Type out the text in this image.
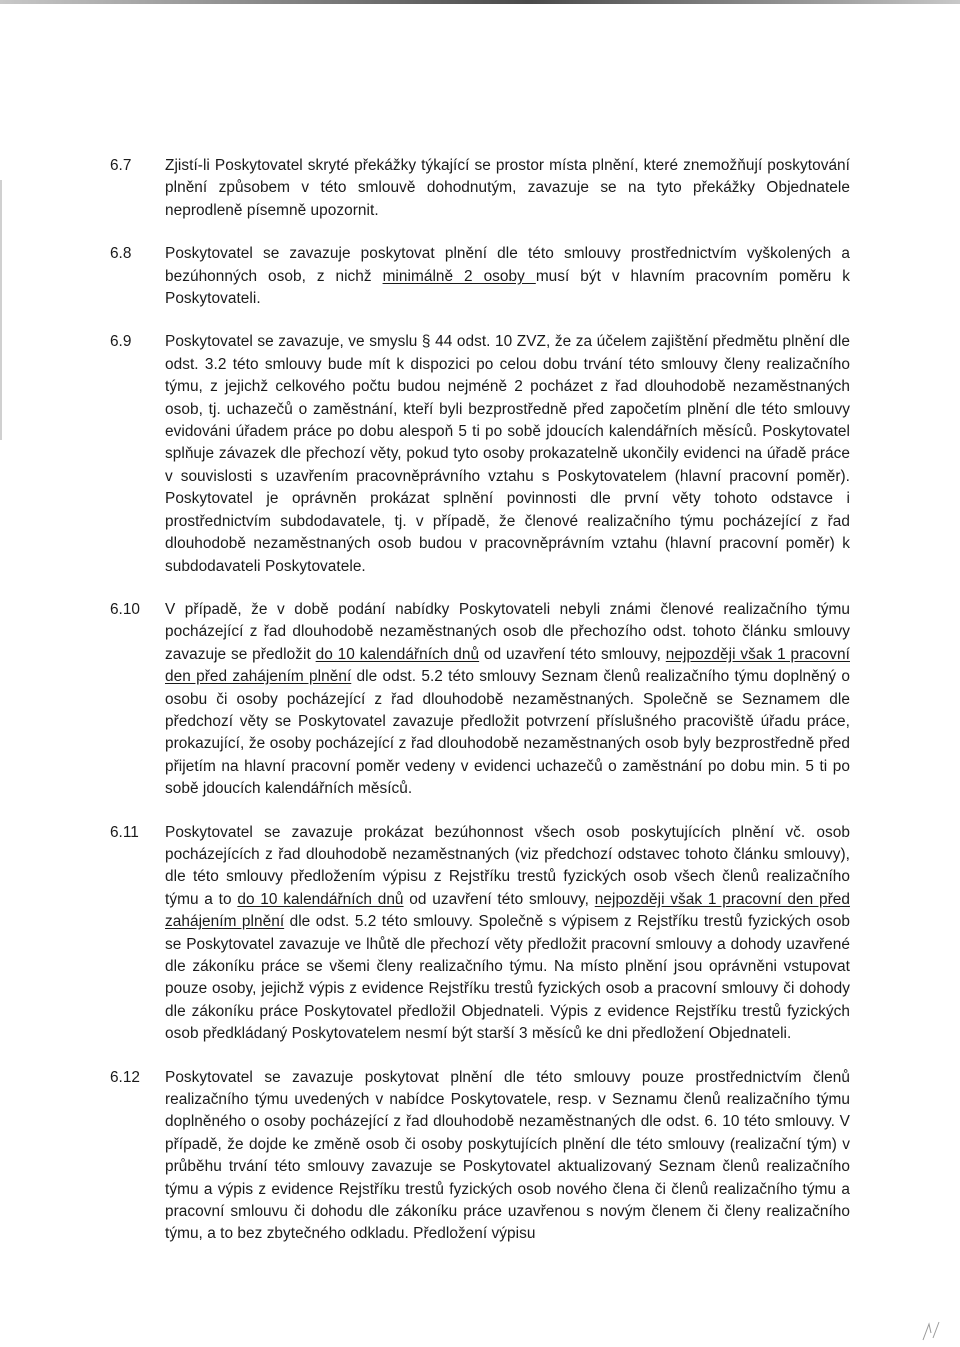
6.7 Zjistí-li Poskytovatel skryté překážky týkající se prostor místa plnění, které znemožňují poskytování plnění způsobem v této smlouvě dohodnutým, zavazuje se na tyto překážky Objednatele neprodleně písemně upozornit.
6.8 Poskytovatel se zavazuje poskytovat plnění dle této smlouvy prostřednictvím vyškolených a bezúhonných osob, z nichž minimálně 2 osoby musí být v hlavním pracovním poměru k Poskytovateli.
6.9 Poskytovatel se zavazuje, ve smyslu § 44 odst. 10 ZVZ, že za účelem zajištění předmětu plnění dle odst. 3.2 této smlouvy bude mít k dispozici po celou dobu trvání této smlouvy členy realizačního týmu, z jejichž celkového počtu budou nejméně 2 pocházet z řad dlouhodobě nezaměstnaných osob, tj. uchazečů o zaměstnání, kteří byli bezprostředně před započetím plnění dle této smlouvy evidováni úřadem práce po dobu alespoň 5 ti po sobě jdoucích kalendářních měsíců. Poskytovatel splňuje závazek dle přechozí věty, pokud tyto osoby prokazatelně ukončily evidenci na úřadě práce v souvislosti s uzavřením pracovněprávního vztahu s Poskytovatelem (hlavní pracovní poměr). Poskytovatel je oprávněn prokázat splnění povinnosti dle první věty tohoto odstavce i prostřednictvím subdodavatele, tj. v případě, že členové realizačního týmu pocházející z řad dlouhodobě nezaměstnaných osob budou v pracovněprávním vztahu (hlavní pracovní poměr) k subdodavateli Poskytovatele.
6.10 V případě, že v době podání nabídky Poskytovateli nebyli známi členové realizačního týmu pocházející z řad dlouhodobě nezaměstnaných osob dle přechozího odst. tohoto článku smlouvy zavazuje se předložit do 10 kalendářních dnů od uzavření této smlouvy, nejpozději však 1 pracovní den před zahájením plnění dle odst. 5.2 této smlouvy Seznam členů realizačního týmu doplněný o osobu či osoby pocházející z řad dlouhodobě nezaměstnaných. Společně se Seznamem dle předchozí věty se Poskytovatel zavazuje předložit potvrzení příslušného pracoviště úřadu práce, prokazující, že osoby pocházející z řad dlouhodobě nezaměstnaných osob byly bezprostředně před přijetím na hlavní pracovní poměr vedeny v evidenci uchazečů o zaměstnání po dobu min. 5 ti po sobě jdoucích kalendářních měsíců.
6.11 Poskytovatel se zavazuje prokázat bezúhonnost všech osob poskytujících plnění vč. osob pocházejících z řad dlouhodobě nezaměstnaných (viz předchozí odstavec tohoto článku smlouvy), dle této smlouvy předložením výpisu z Rejstříku trestů fyzických osob všech členů realizačního týmu a to do 10 kalendářních dnů od uzavření této smlouvy, nejpozději však 1 pracovní den před zahájením plnění dle odst. 5.2 této smlouvy. Společně s výpisem z Rejstříku trestů fyzických osob se Poskytovatel zavazuje ve lhůtě dle přechozí věty předložit pracovní smlouvy a dohody uzavřené dle zákoníku práce se všemi členy realizačního týmu. Na místo plnění jsou oprávněni vstupovat pouze osoby, jejichž výpis z evidence Rejstříku trestů fyzických osob a pracovní smlouvy či dohody dle zákoníku práce Poskytovatel předložil Objednateli. Výpis z evidence Rejstříku trestů fyzických osob předkládaný Poskytovatelem nesmí být starší 3 měsíců ke dni předložení Objednateli.
6.12 Poskytovatel se zavazuje poskytovat plnění dle této smlouvy pouze prostřednictvím členů realizačního týmu uvedených v nabídce Poskytovatele, resp. v Seznamu členů realizačního týmu doplněného o osoby pocházející z řad dlouhodobě nezaměstnaných dle odst. 6. 10 této smlouvy. V případě, že dojde ke změně osob či osoby poskytujících plnění dle této smlouvy (realizační tým) v průběhu trvání této smlouvy zavazuje se Poskytovatel aktualizovaný Seznam členů realizačního týmu a výpis z evidence Rejstříku trestů fyzických osob nového člena či členů realizačního týmu a pracovní smlouvu či dohodu dle zákoníku práce uzavřenou s novým členem či členy realizačního týmu, a to bez zbytečného odkladu. Předložení výpisu
